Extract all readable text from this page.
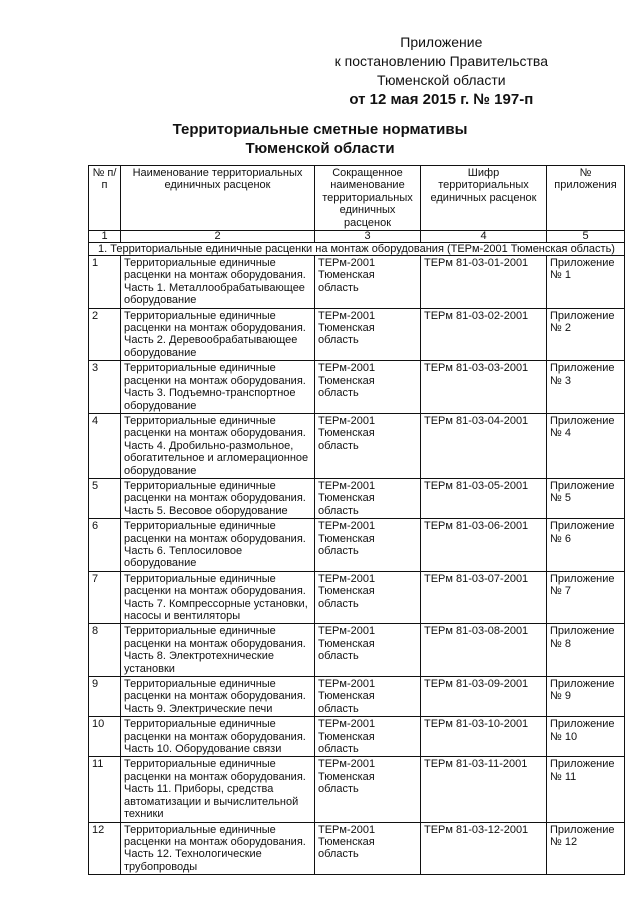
Приложение
к постановлению Правительства
Тюменской области
от 12 мая 2015 г. № 197-п
Территориальные сметные нормативы
Тюменской области
№ п/п	Наименование территориальных единичных расценок	Сокращенное наименование территориальных единичных расценок	Шифр территориальных единичных расценок	№ приложения
1	2	3	4	5
1. Территориальные единичные расценки на монтаж оборудования (ТЕРм-2001 Тюменская область)				
1	Территориальные единичные расценки на монтаж оборудования. Часть 1. Металлообрабатывающее оборудование	ТЕРм-2001 Тюменская область	ТЕРм 81-03-01-2001	Приложение № 1
2	Территориальные единичные расценки на монтаж оборудования. Часть 2. Деревообрабатывающее оборудование	ТЕРм-2001 Тюменская область	ТЕРм 81-03-02-2001	Приложение № 2
3	Территориальные единичные расценки на монтаж оборудования. Часть 3. Подъемно-транспортное оборудование	ТЕРм-2001 Тюменская область	ТЕРм 81-03-03-2001	Приложение № 3
4	Территориальные единичные расценки на монтаж оборудования. Часть 4. Дробильно-размольное, обогатительное и агломерационное оборудование	ТЕРм-2001 Тюменская область	ТЕРм 81-03-04-2001	Приложение № 4
5	Территориальные единичные расценки на монтаж оборудования. Часть 5. Весовое оборудование	ТЕРм-2001 Тюменская область	ТЕРм 81-03-05-2001	Приложение № 5
6	Территориальные единичные расценки на монтаж оборудования. Часть 6. Теплосиловое оборудование	ТЕРм-2001 Тюменская область	ТЕРм 81-03-06-2001	Приложение № 6
7	Территориальные единичные расценки на монтаж оборудования. Часть 7. Компрессорные установки, насосы и вентиляторы	ТЕРм-2001 Тюменская область	ТЕРм 81-03-07-2001	Приложение № 7
8	Территориальные единичные расценки на монтаж оборудования. Часть 8. Электротехнические установки	ТЕРм-2001 Тюменская область	ТЕРм 81-03-08-2001	Приложение № 8
9	Территориальные единичные расценки на монтаж оборудования. Часть 9. Электрические печи	ТЕРм-2001 Тюменская область	ТЕРм 81-03-09-2001	Приложение № 9
10	Территориальные единичные расценки на монтаж оборудования. Часть 10. Оборудование связи	ТЕРм-2001 Тюменская область	ТЕРм 81-03-10-2001	Приложение № 10
11	Территориальные единичные расценки на монтаж оборудования. Часть 11. Приборы, средства автоматизации и вычислительной техники	ТЕРм-2001 Тюменская область	ТЕРм 81-03-11-2001	Приложение № 11
12	Территориальные единичные расценки на монтаж оборудования. Часть 12. Технологические трубопроводы	ТЕРм-2001 Тюменская область	ТЕРм 81-03-12-2001	Приложение № 12
